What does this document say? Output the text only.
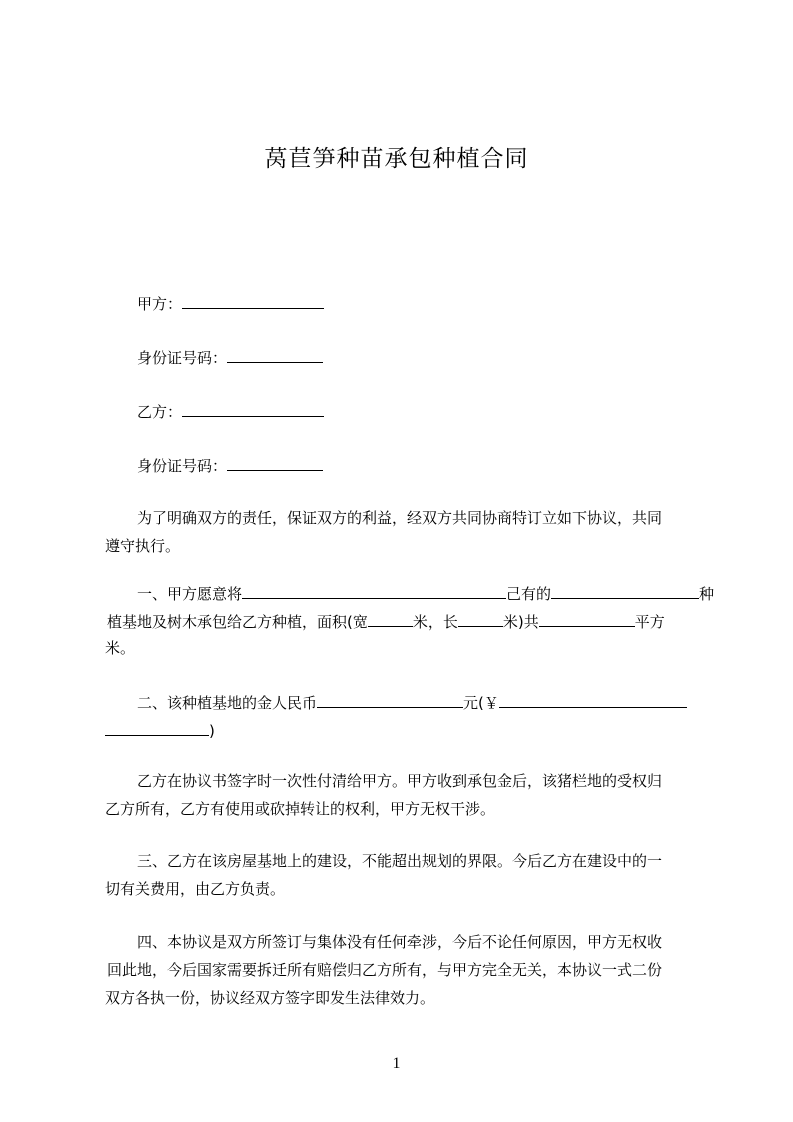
莴苣笋种苗承包种植合同
甲方：
身份证号码：
乙方：
身份证号码：
为了明确双方的责任，保证双方的利益，经双方共同协商特订立如下协议，共同
遵守执行。
一、甲方愿意将	己有的	种
植基地及树木承包给乙方种植，面积(宽	米，长	米)共	平方
米。
二、该种植基地的金人民币	元(￥
)
乙方在协议书签字时一次性付清给甲方。甲方收到承包金后，该猪栏地的受权归
乙方所有，乙方有使用或砍掉转让的权利，甲方无权干涉。
三、乙方在该房屋基地上的建设，不能超出规划的界限。今后乙方在建设中的一
切有关费用，由乙方负责。
四、本协议是双方所签订与集体没有任何牵涉，今后不论任何原因，甲方无权收
回此地，今后国家需要拆迁所有赔偿归乙方所有，与甲方完全无关，本协议一式二份
双方各执一份，协议经双方签字即发生法律效力。
1
